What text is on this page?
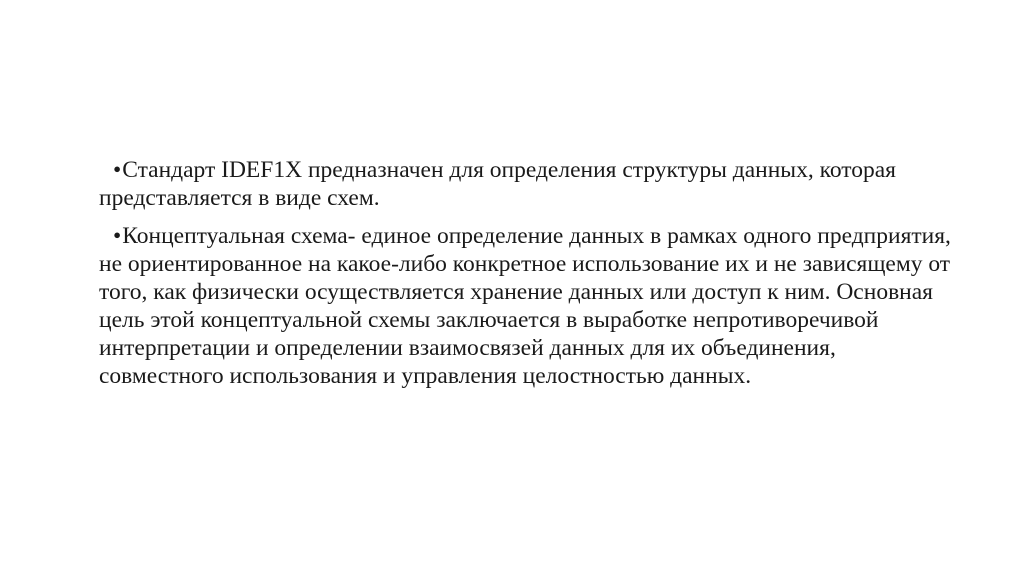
•Стандарт IDEF1X предназначен для определения структуры данных, которая представляется в виде схем.

•Концептуальная схема- единое определение данных в рамках одного предприятия, не ориентированное на какое-либо конкретное использование их и не зависящему от того, как физически осуществляется хранение данных или доступ к ним. Основная цель этой концептуальной схемы заключается в выработке непротиворечивой интерпретации и определении взаимосвязей данных для их объединения, совместного использования и управления целостностью данных.
